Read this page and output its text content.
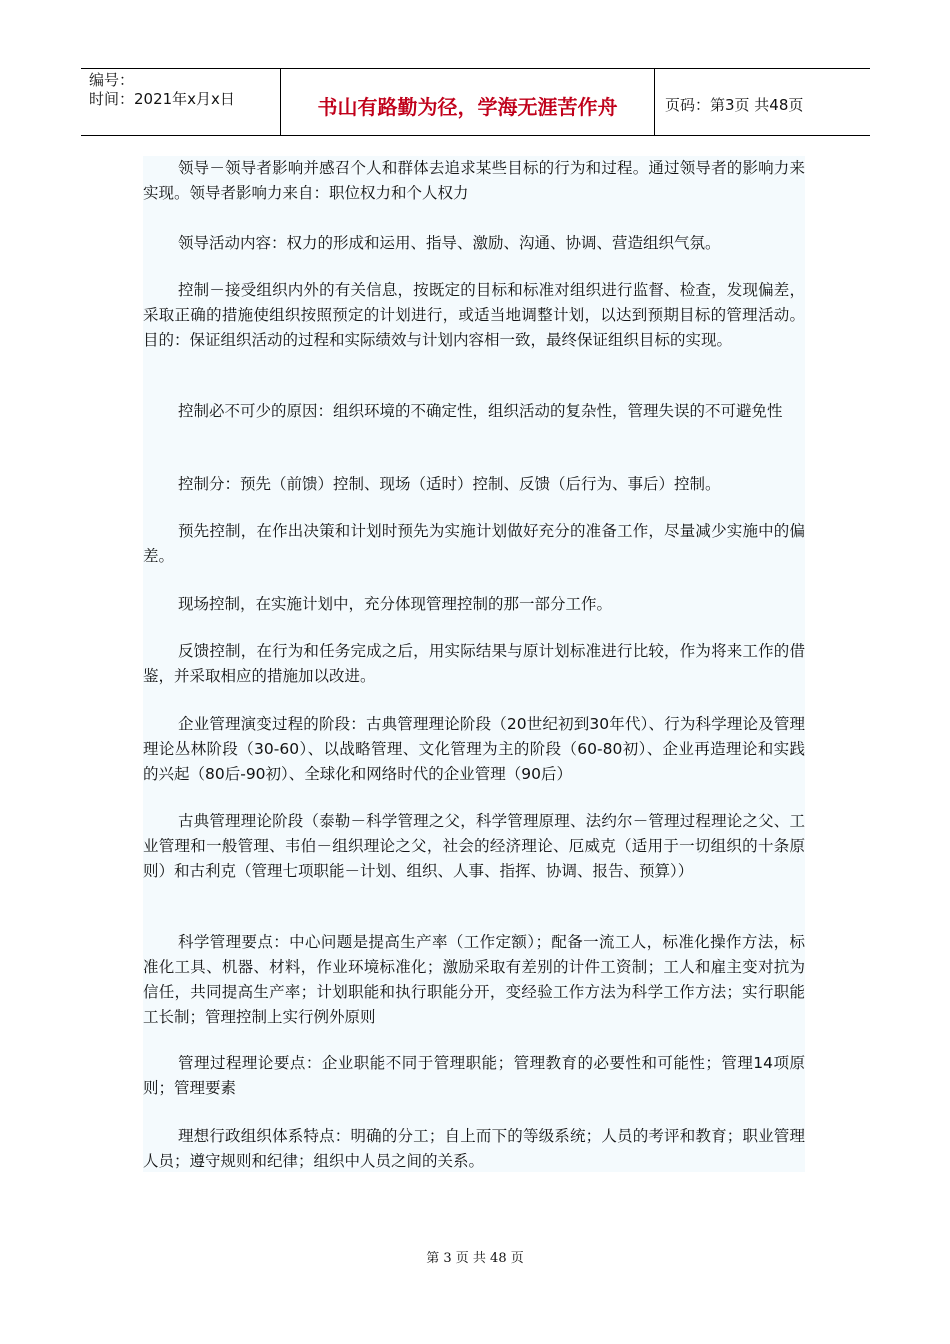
编号：
时间：2021年x月x日	书山有路勤为径，学海无涯苦作舟	页码：第3页 共48页

领导－领导者影响并感召个人和群体去追求某些目标的行为和过程。通过领导者的影响力来实现。领导者影响力来自：职位权力和个人权力

领导活动内容：权力的形成和运用、指导、激励、沟通、协调、营造组织气氛。

控制－接受组织内外的有关信息，按既定的目标和标准对组织进行监督、检查，发现偏差，采取正确的措施使组织按照预定的计划进行，或适当地调整计划，以达到预期目标的管理活动。目的：保证组织活动的过程和实际绩效与计划内容相一致，最终保证组织目标的实现。

控制必不可少的原因：组织环境的不确定性，组织活动的复杂性，管理失误的不可避免性

控制分：预先（前馈）控制、现场（适时）控制、反馈（后行为、事后）控制。

预先控制，在作出决策和计划时预先为实施计划做好充分的准备工作，尽量减少实施中的偏差。

现场控制，在实施计划中，充分体现管理控制的那一部分工作。

反馈控制，在行为和任务完成之后，用实际结果与原计划标准进行比较，作为将来工作的借鉴，并采取相应的措施加以改进。

企业管理演变过程的阶段：古典管理理论阶段（20世纪初到30年代）、行为科学理论及管理理论丛林阶段（30-60）、以战略管理、文化管理为主的阶段（60-80初）、企业再造理论和实践的兴起（80后-90初）、全球化和网络时代的企业管理（90后）

古典管理理论阶段（泰勒－科学管理之父，科学管理原理、法约尔－管理过程理论之父、工业管理和一般管理、韦伯－组织理论之父，社会的经济理论、厄威克（适用于一切组织的十条原则）和古利克（管理七项职能－计划、组织、人事、指挥、协调、报告、预算））

科学管理要点：中心问题是提高生产率（工作定额）；配备一流工人，标准化操作方法，标准化工具、机器、材料，作业环境标准化；激励采取有差别的计件工资制；工人和雇主变对抗为信任，共同提高生产率；计划职能和执行职能分开，变经验工作方法为科学工作方法；实行职能工长制；管理控制上实行例外原则

管理过程理论要点：企业职能不同于管理职能；管理教育的必要性和可能性；管理14项原则；管理要素

理想行政组织体系特点：明确的分工；自上而下的等级系统；人员的考评和教育；职业管理人员；遵守规则和纪律；组织中人员之间的关系。

第 3 页 共 48 页
